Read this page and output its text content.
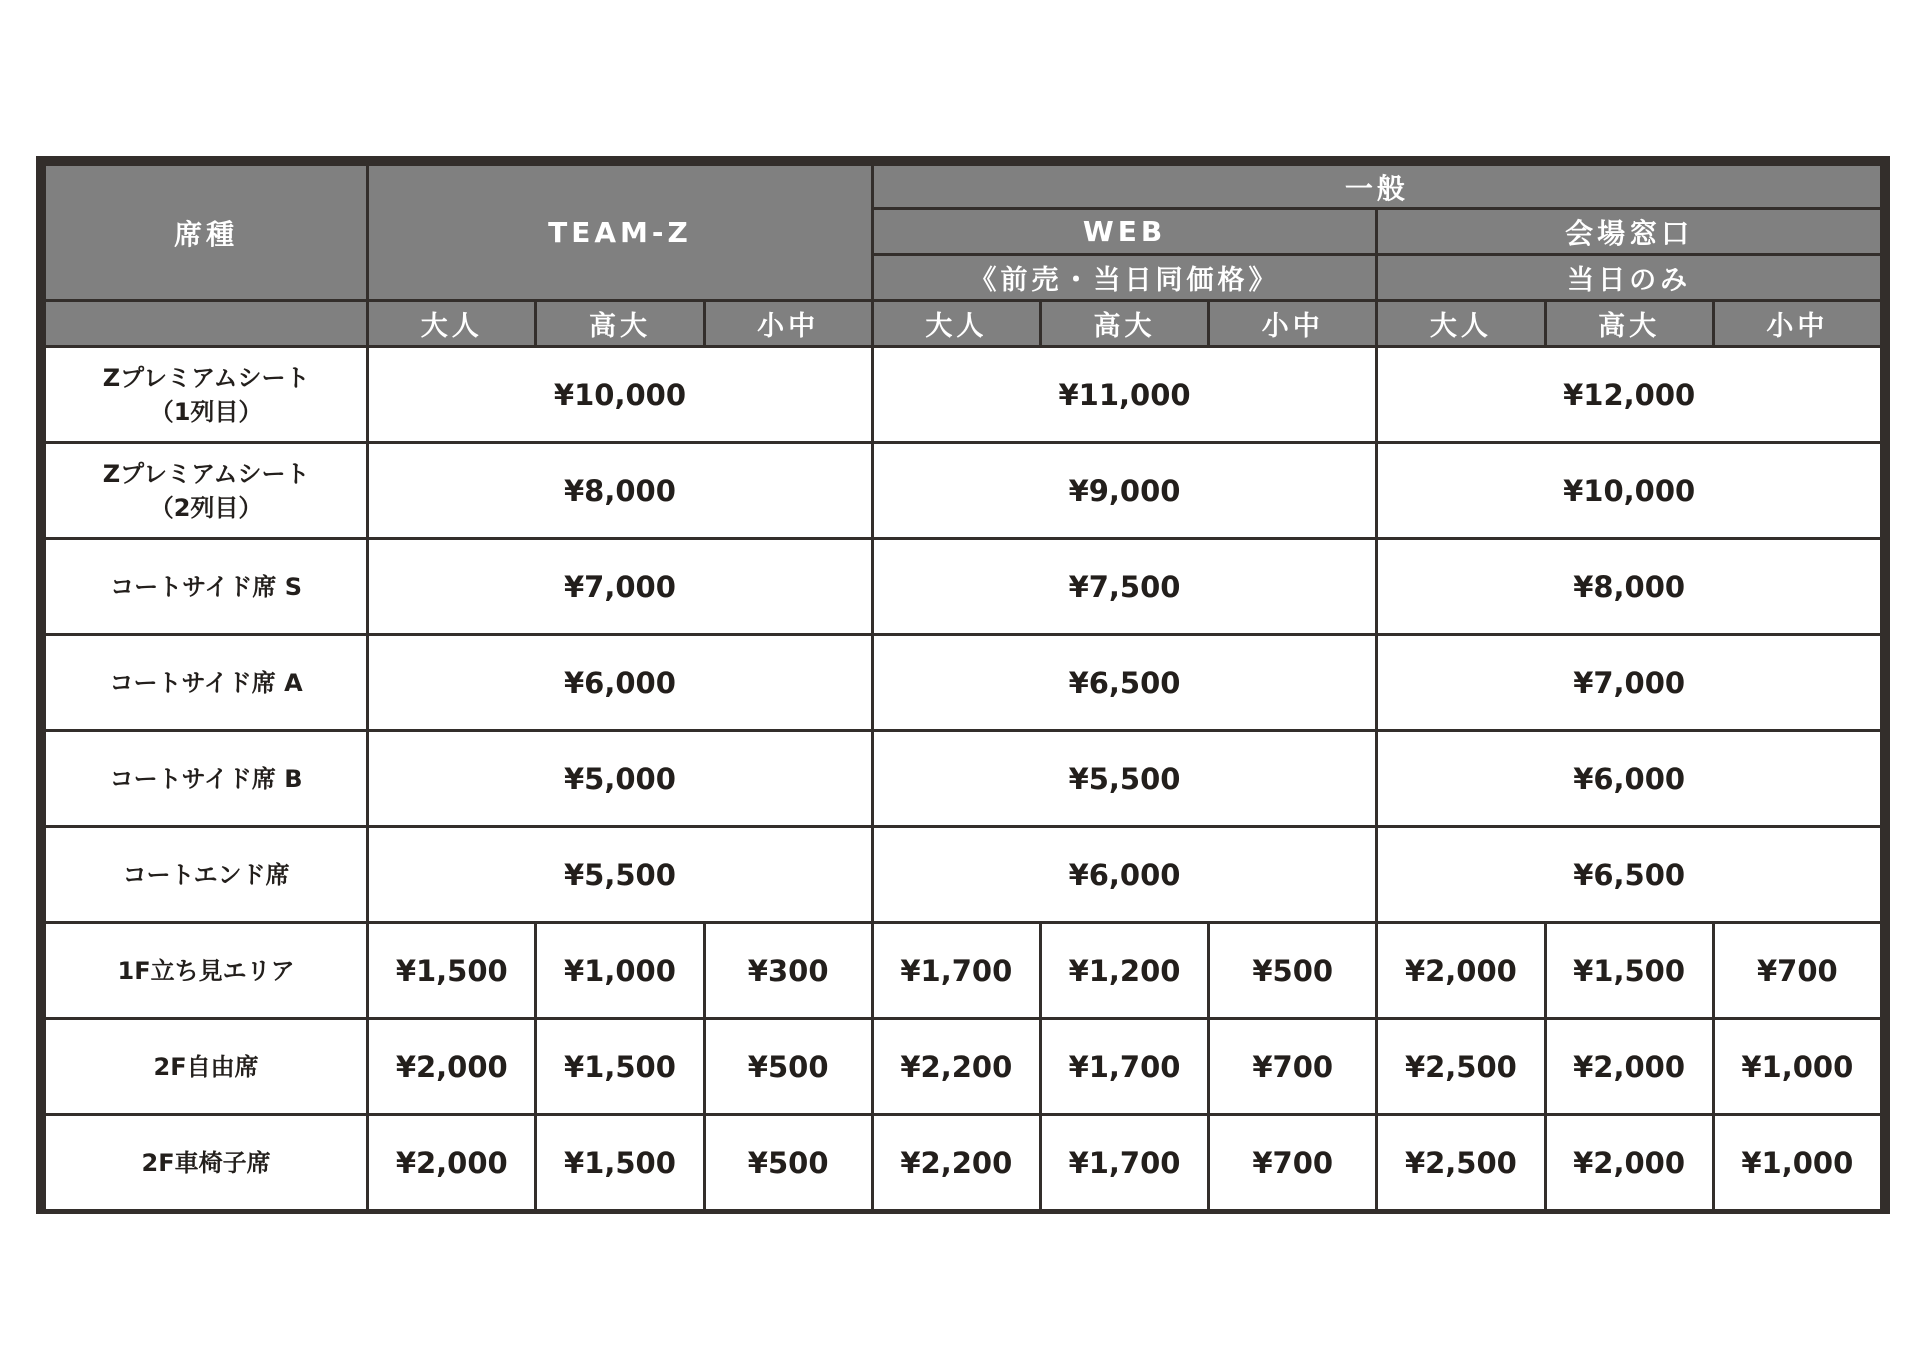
席種	TEAM-Z			一般					
				WEB			会場窓口		
				《前売・当日同価格》			当日のみ		
	大人	高大	小中	大人	高大	小中	大人	高大	小中

Zプレミアムシート
（1列目）	¥10,000			¥11,000			¥12,000		

Zプレミアムシート
（2列目）	¥8,000			¥9,000			¥10,000		
コートサイド席 S	¥7,000			¥7,500			¥8,000		
コートサイド席 A	¥6,000			¥6,500			¥7,000		
コートサイド席 B	¥5,000			¥5,500			¥6,000		
コートエンド席	¥5,500			¥6,000			¥6,500		
1F立ち見エリア	¥1,500	¥1,000	¥300	¥1,700	¥1,200	¥500	¥2,000	¥1,500	¥700
2F自由席	¥2,000	¥1,500	¥500	¥2,200	¥1,700	¥700	¥2,500	¥2,000	¥1,000
2F車椅子席	¥2,000	¥1,500	¥500	¥2,200	¥1,700	¥700	¥2,500	¥2,000	¥1,000
